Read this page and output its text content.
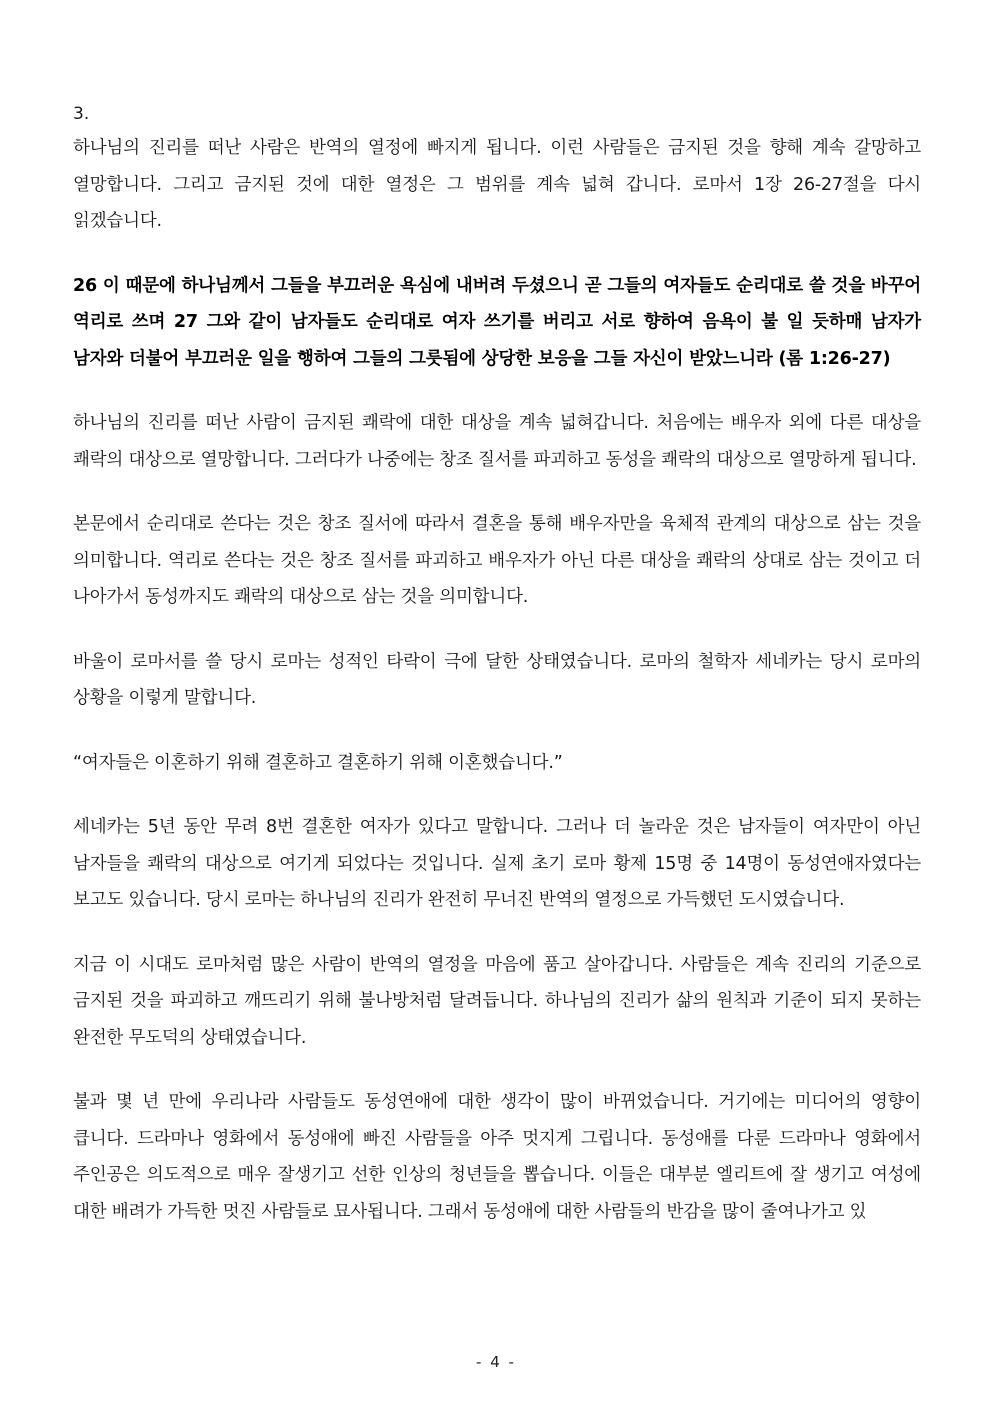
3.

하나님의 진리를 떠난 사람은 반역의 열정에 빠지게 됩니다. 이런 사람들은 금지된 것을 향해 계속 갈망하고 열망합니다. 그리고 금지된 것에 대한 열정은 그 범위를 계속 넓혀 갑니다. 로마서 1장 26-27절을 다시 읽겠습니다.

26 이 때문에 하나님께서 그들을 부끄러운 욕심에 내버려 두셨으니 곧 그들의 여자들도 순리대로 쓸 것을 바꾸어 역리로 쓰며 27 그와 같이 남자들도 순리대로 여자 쓰기를 버리고 서로 향하여 음욕이 불 일 듯하매 남자가 남자와 더불어 부끄러운 일을 행하여 그들의 그릇됨에 상당한 보응을 그들 자신이 받았느니라 (롬 1:26-27)

하나님의 진리를 떠난 사람이 금지된 쾌락에 대한 대상을 계속 넓혀갑니다. 처음에는 배우자 외에 다른 대상을 쾌락의 대상으로 열망합니다. 그러다가 나중에는 창조 질서를 파괴하고 동성을 쾌락의 대상으로 열망하게 됩니다.

본문에서 순리대로 쓴다는 것은 창조 질서에 따라서 결혼을 통해 배우자만을 육체적 관계의 대상으로 삼는 것을 의미합니다. 역리로 쓴다는 것은 창조 질서를 파괴하고 배우자가 아닌 다른 대상을 쾌락의 상대로 삼는 것이고 더 나아가서 동성까지도 쾌락의 대상으로 삼는 것을 의미합니다.

바울이 로마서를 쓸 당시 로마는 성적인 타락이 극에 달한 상태였습니다. 로마의 철학자 세네카는 당시 로마의 상황을 이렇게 말합니다.

“여자들은 이혼하기 위해 결혼하고 결혼하기 위해 이혼했습니다.”

세네카는 5년 동안 무려 8번 결혼한 여자가 있다고 말합니다. 그러나 더 놀라운 것은 남자들이 여자만이 아닌 남자들을 쾌락의 대상으로 여기게 되었다는 것입니다. 실제 초기 로마 황제 15명 중 14명이 동성연애자였다는 보고도 있습니다. 당시 로마는 하나님의 진리가 완전히 무너진 반역의 열정으로 가득했던 도시였습니다.

지금 이 시대도 로마처럼 많은 사람이 반역의 열정을 마음에 품고 살아갑니다. 사람들은 계속 진리의 기준으로 금지된 것을 파괴하고 깨뜨리기 위해 불나방처럼 달려듭니다. 하나님의 진리가 삶의 원칙과 기준이 되지 못하는 완전한 무도덕의 상태였습니다.

불과 몇 년 만에 우리나라 사람들도 동성연애에 대한 생각이 많이 바뀌었습니다. 거기에는 미디어의 영향이 큽니다. 드라마나 영화에서 동성애에 빠진 사람들을 아주 멋지게 그립니다. 동성애를 다룬 드라마나 영화에서 주인공은 의도적으로 매우 잘생기고 선한 인상의 청년들을 뽑습니다. 이들은 대부분 엘리트에 잘 생기고 여성에 대한 배려가 가득한 멋진 사람들로 묘사됩니다. 그래서 동성애에 대한 사람들의 반감을 많이 줄여나가고 있

- 4 -
